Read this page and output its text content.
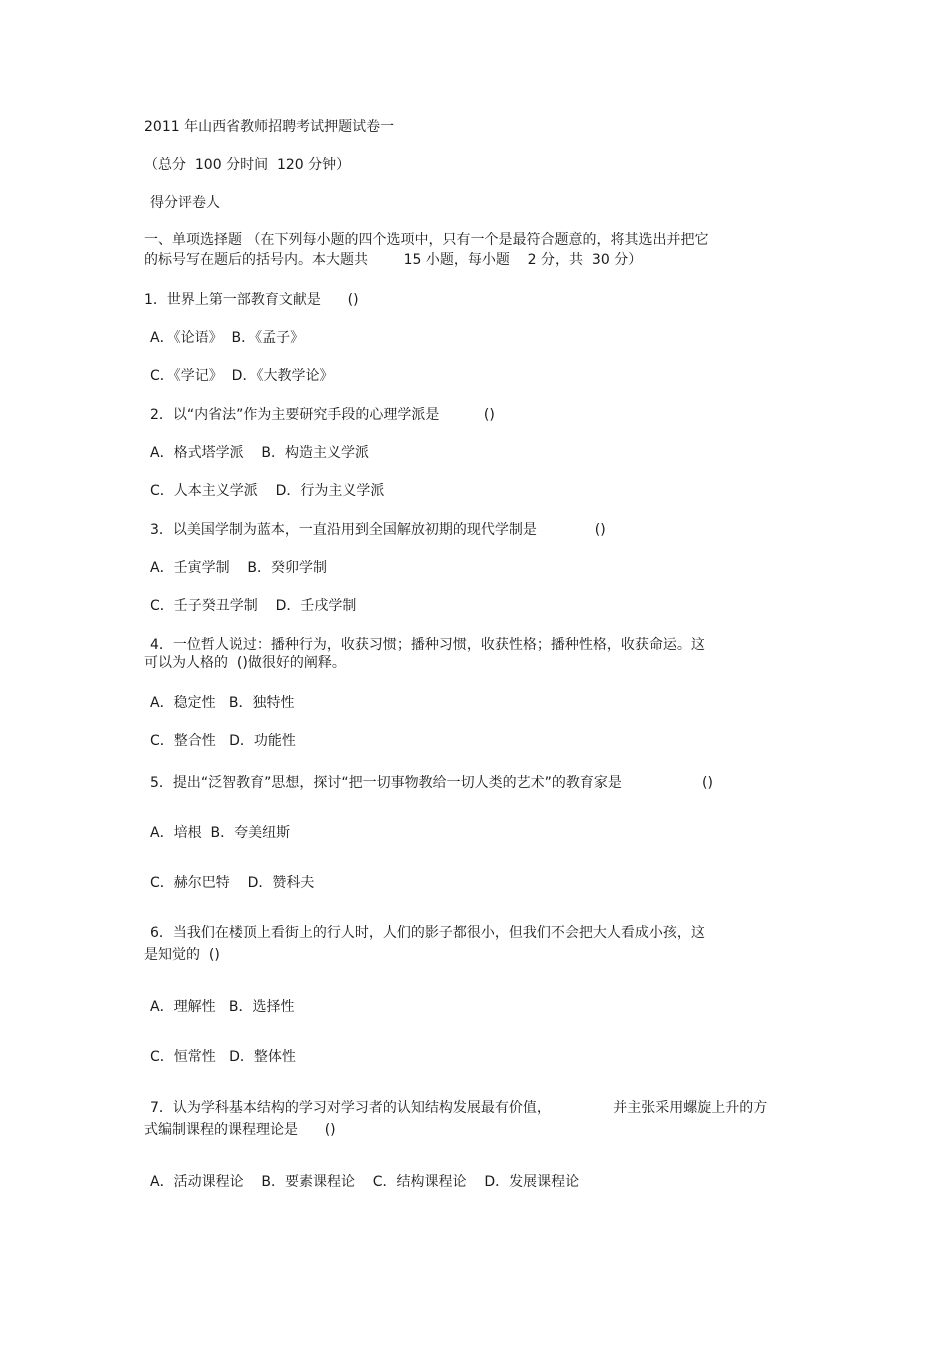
2011 年山西省教师招聘考试押题试卷一
（总分  100 分时间  120 分钟）
得分评卷人
一、单项选择题 （在下列每小题的四个选项中，只有一个是最符合题意的，将其选出并把它
的标号写在题后的括号内。本大题共        15 小题，每小题    2 分，共  30 分）
1．世界上第一部教育文献是      ()
A．《论语》  B．《孟子》
C．《学记》  D．《大教学论》
2．以“内省法”作为主要研究手段的心理学派是          ()
A．格式塔学派    B．构造主义学派
C．人本主义学派    D．行为主义学派
3．以美国学制为蓝本，一直沿用到全国解放初期的现代学制是             ()
A．壬寅学制    B．癸卯学制
C．壬子癸丑学制    D．壬戌学制
4．一位哲人说过：播种行为，收获习惯；播种习惯，收获性格；播种性格，收获命运。这
可以为人格的  ()做很好的阐释。
A．稳定性   B．独特性
C．整合性   D．功能性
5．提出“泛智教育”思想，探讨“把一切事物教给一切人类的艺术”的教育家是                  ()
A．培根  B．夸美纽斯
C．赫尔巴特    D．赞科夫
6．当我们在楼顶上看街上的行人时，人们的影子都很小，但我们不会把大人看成小孩，这
是知觉的  ()
A．理解性   B．选择性
C．恒常性   D．整体性
7．认为学科基本结构的学习对学习者的认知结构发展最有价值，              并主张采用螺旋上升的方
式编制课程的课程理论是      ()
A．活动课程论    B．要素课程论    C．结构课程论    D．发展课程论
